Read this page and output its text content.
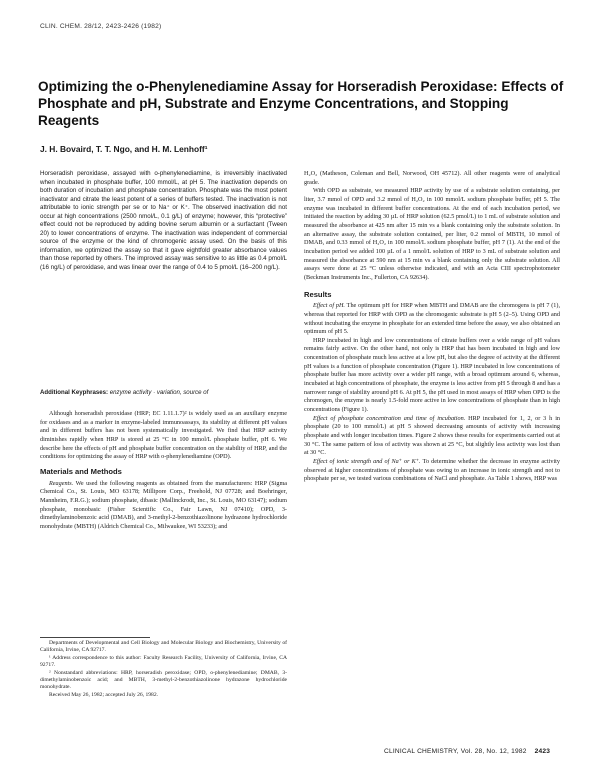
CLIN. CHEM. 28/12, 2423-2426 (1982)
Optimizing the o-Phenylenediamine Assay for Horseradish Peroxidase: Effects of Phosphate and pH, Substrate and Enzyme Concentrations, and Stopping Reagents
J. H. Bovaird, T. T. Ngo, and H. M. Lenhoff¹
Horseradish peroxidase, assayed with o-phenylenediamine, is irreversibly inactivated when incubated in phosphate buffer, 100 mmol/L, at pH 5. The inactivation depends on both duration of incubation and phosphate concentration. Phosphate was the most potent inactivator and citrate the least potent of a series of buffers tested. The inactivation is not attributable to ionic strength per se or to Na⁺ or K⁺. The observed inactivation did not occur at high concentrations (2500 nmol/L, 0.1 g/L) of enzyme; however, this “protective” effect could not be reproduced by adding bovine serum albumin or a surfactant (Tween 20) to lower concentrations of enzyme. The inactivation was independent of commercial source of the enzyme or the kind of chromogenic assay used. On the basis of this information, we optimized the assay so that it gave eightfold greater absorbance values than those reported by others. The improved assay was sensitive to as little as 0.4 pmol/L (16 ng/L) of peroxidase, and was linear over the range of 0.4 to 5 pmol/L (16–200 ng/L).
Additional Keyphrases: enzyme activity · variation, source of

Although horseradish peroxidase (HRP; EC 1.11.1.7)² is widely used as an auxiliary enzyme for oxidases and as a marker in enzyme-labeled immunoassays, its stability at different pH values and in different buffers has not been systematically investigated. We find that HRP activity diminishes rapidly when HRP is stored at 25 °C in 100 mmol/L phosphate buffer, pH 6. We describe here the effects of pH and phosphate buffer concentration on the stability of HRP, and the conditions for optimizing the assay of HRP with o-phenylenediamine (OPD).

Materials and Methods

Reagents. We used the following reagents as obtained from the manufacturers: HRP (Sigma Chemical Co., St. Louis, MO 63178; Millipore Corp., Freehold, NJ 07728; and Boehringer, Mannheim, F.R.G.); sodium phosphate, dibasic (Mallinckrodt, Inc., St. Louis, MO 63147); sodium phosphate, monobasic (Fisher Scientific Co., Fair Lawn, NJ 07410); OPD, 3-dimethylaminobenzoic acid (DMAB), and 3-methyl-2-benzothiazolinone hydrazone hydrochloride monohydrate (MBTH) (Aldrich Chemical Co., Milwaukee, WI 53233); and

Departments of Developmental and Cell Biology and Molecular Biology and Biochemistry, University of California, Irvine, CA 92717.

¹ Address correspondence to this author: Faculty Research Facility, University of California, Irvine, CA 92717.

² Nonstandard abbreviations: HRP, horseradish peroxidase; OPD, o-phenylenediamine; DMAB, 3-dimethylaminobenzoic acid; and MBTH, 3-methyl-2-benzothiazolinone hydrazone hydrochloride monohydrate.

Received May 26, 1982; accepted July 26, 1982.

H₂O₂ (Matheson, Coleman and Bell, Norwood, OH 45712). All other reagents were of analytical grade.

With OPD as substrate, we measured HRP activity by use of a substrate solution containing, per liter, 3.7 mmol of OPD and 3.2 mmol of H₂O₂ in 100 mmol/L sodium phosphate buffer, pH 5. The enzyme was incubated in different buffer concentrations. At the end of each incubation period, we initiated the reaction by adding 30 µL of HRP solution (62.5 pmol/L) to 1 mL of substrate solution and measured the absorbance at 425 nm after 15 min vs a blank containing only the substrate solution. In an alternative assay, the substrate solution contained, per liter, 0.2 mmol of MBTH, 10 mmol of DMAB, and 0.33 mmol of H₂O₂ in 100 mmol/L sodium phosphate buffer, pH 7 (1). At the end of the incubation period we added 100 µL of a 1 nmol/L solution of HRP to 3 mL of substrate solution and measured the absorbance at 590 nm at 15 min vs a blank containing only the substrate solution. All assays were done at 25 °C unless otherwise indicated, and with an Acta CIII spectrophotometer (Beckman Instruments Inc., Fullerton, CA 92634).

Results

Effect of pH. The optimum pH for HRP when MBTH and DMAB are the chromogens is pH 7 (1), whereas that reported for HRP with OPD as the chromogenic substrate is pH 5 (2–5). Using OPD and without incubating the enzyme in phosphate for an extended time before the assay, we also obtained an optimum of pH 5.

HRP incubated in high and low concentrations of citrate buffers over a wide range of pH values remains fairly active. On the other hand, not only is HRP that has been incubated in high and low concentration of phosphate much less active at a low pH, but also the degree of activity at the different pH values is a function of phosphate concentration (Figure 1). HRP incubated in low concentrations of phosphate buffer has more activity over a wider pH range, with a broad optimum around 6, whereas, incubated at high concentrations of phosphate, the enzyme is less active from pH 5 through 8 and has a narrower range of stability around pH 6. At pH 5, the pH used in most assays of HRP when OPD is the chromogen, the enzyme is nearly 1.5-fold more active in low concentrations of phosphate than in high concentrations (Figure 1).

Effect of phosphate concentration and time of incubation. HRP incubated for 1, 2, or 3 h in phosphate (20 to 100 mmol/L) at pH 5 showed decreasing amounts of activity with increasing phosphate and with longer incubation times. Figure 2 shows these results for experiments carried out at 30 °C. The same pattern of loss of activity was shown at 25 °C, but slightly less activity was lost than at 30 °C.

Effect of ionic strength and of Na⁺ or K⁺. To determine whether the decrease in enzyme activity observed at higher concentrations of phosphate was owing to an increase in ionic strength and not to phosphate per se, we tested various combinations of NaCl and phosphate. As Table 1 shows, HRP was

CLINICAL CHEMISTRY, Vol. 28, No. 12, 1982 2423
